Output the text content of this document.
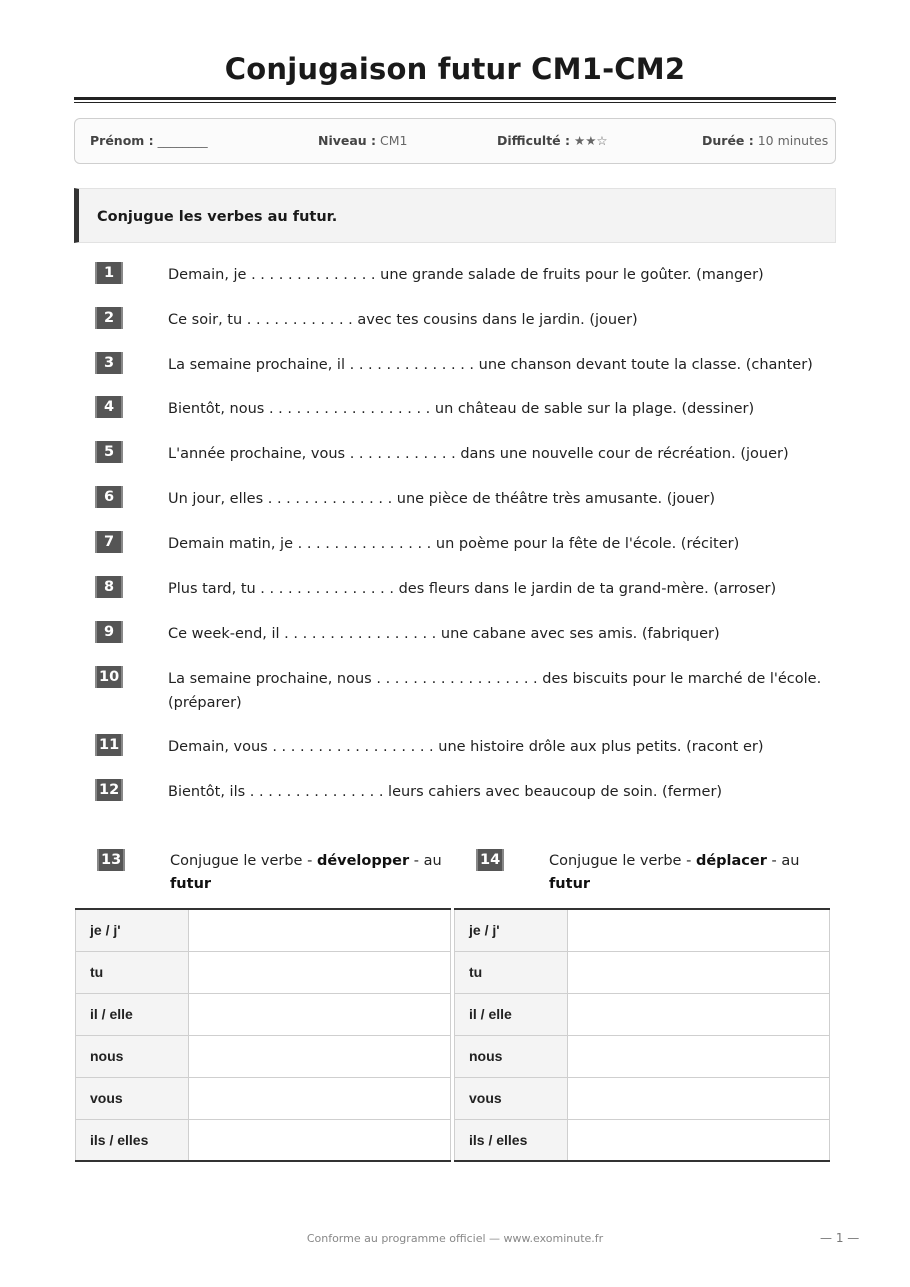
Conjugaison futur CM1-CM2
Prénom : ________	Niveau : CM1	Difficulté : ★★☆	Durée : 10 minutes
Conjugue les verbes au futur.
1	Demain, je . . . . . . . . . . . . . . une grande salade de fruits pour le goûter. (manger)
2	Ce soir, tu . . . . . . . . . . . . avec tes cousins dans le jardin. (jouer)
3	La semaine prochaine, il . . . . . . . . . . . . . . une chanson devant toute la classe. (chanter)
4	Bientôt, nous . . . . . . . . . . . . . . . . . . un château de sable sur la plage. (dessiner)
5	L'année prochaine, vous . . . . . . . . . . . . dans une nouvelle cour de récréation. (jouer)
6	Un jour, elles . . . . . . . . . . . . . . une pièce de théâtre très amusante. (jouer)
7	Demain matin, je . . . . . . . . . . . . . . . un poème pour la fête de l'école. (réciter)
8	Plus tard, tu . . . . . . . . . . . . . . . des fleurs dans le jardin de ta grand-mère. (arroser)
9	Ce week-end, il . . . . . . . . . . . . . . . . . une cabane avec ses amis. (fabriquer)
10	La semaine prochaine, nous . . . . . . . . . . . . . . . . . . des biscuits pour le marché de l'école. (préparer)
11	Demain, vous . . . . . . . . . . . . . . . . . . une histoire drôle aux plus petits. (racont er)
12	Bientôt, ils . . . . . . . . . . . . . . . leurs cahiers avec beaucoup de soin. (fermer)
13	Conjugue le verbe - développer - au
futur
14	Conjugue le verbe - déplacer - au
futur
je / j'	
tu	
il / elle	
nous	
vous	
ils / elles	
je / j'	
tu	
il / elle	
nous	
vous	
ils / elles	
Conforme au programme officiel — www.exominute.fr	— 1 —
